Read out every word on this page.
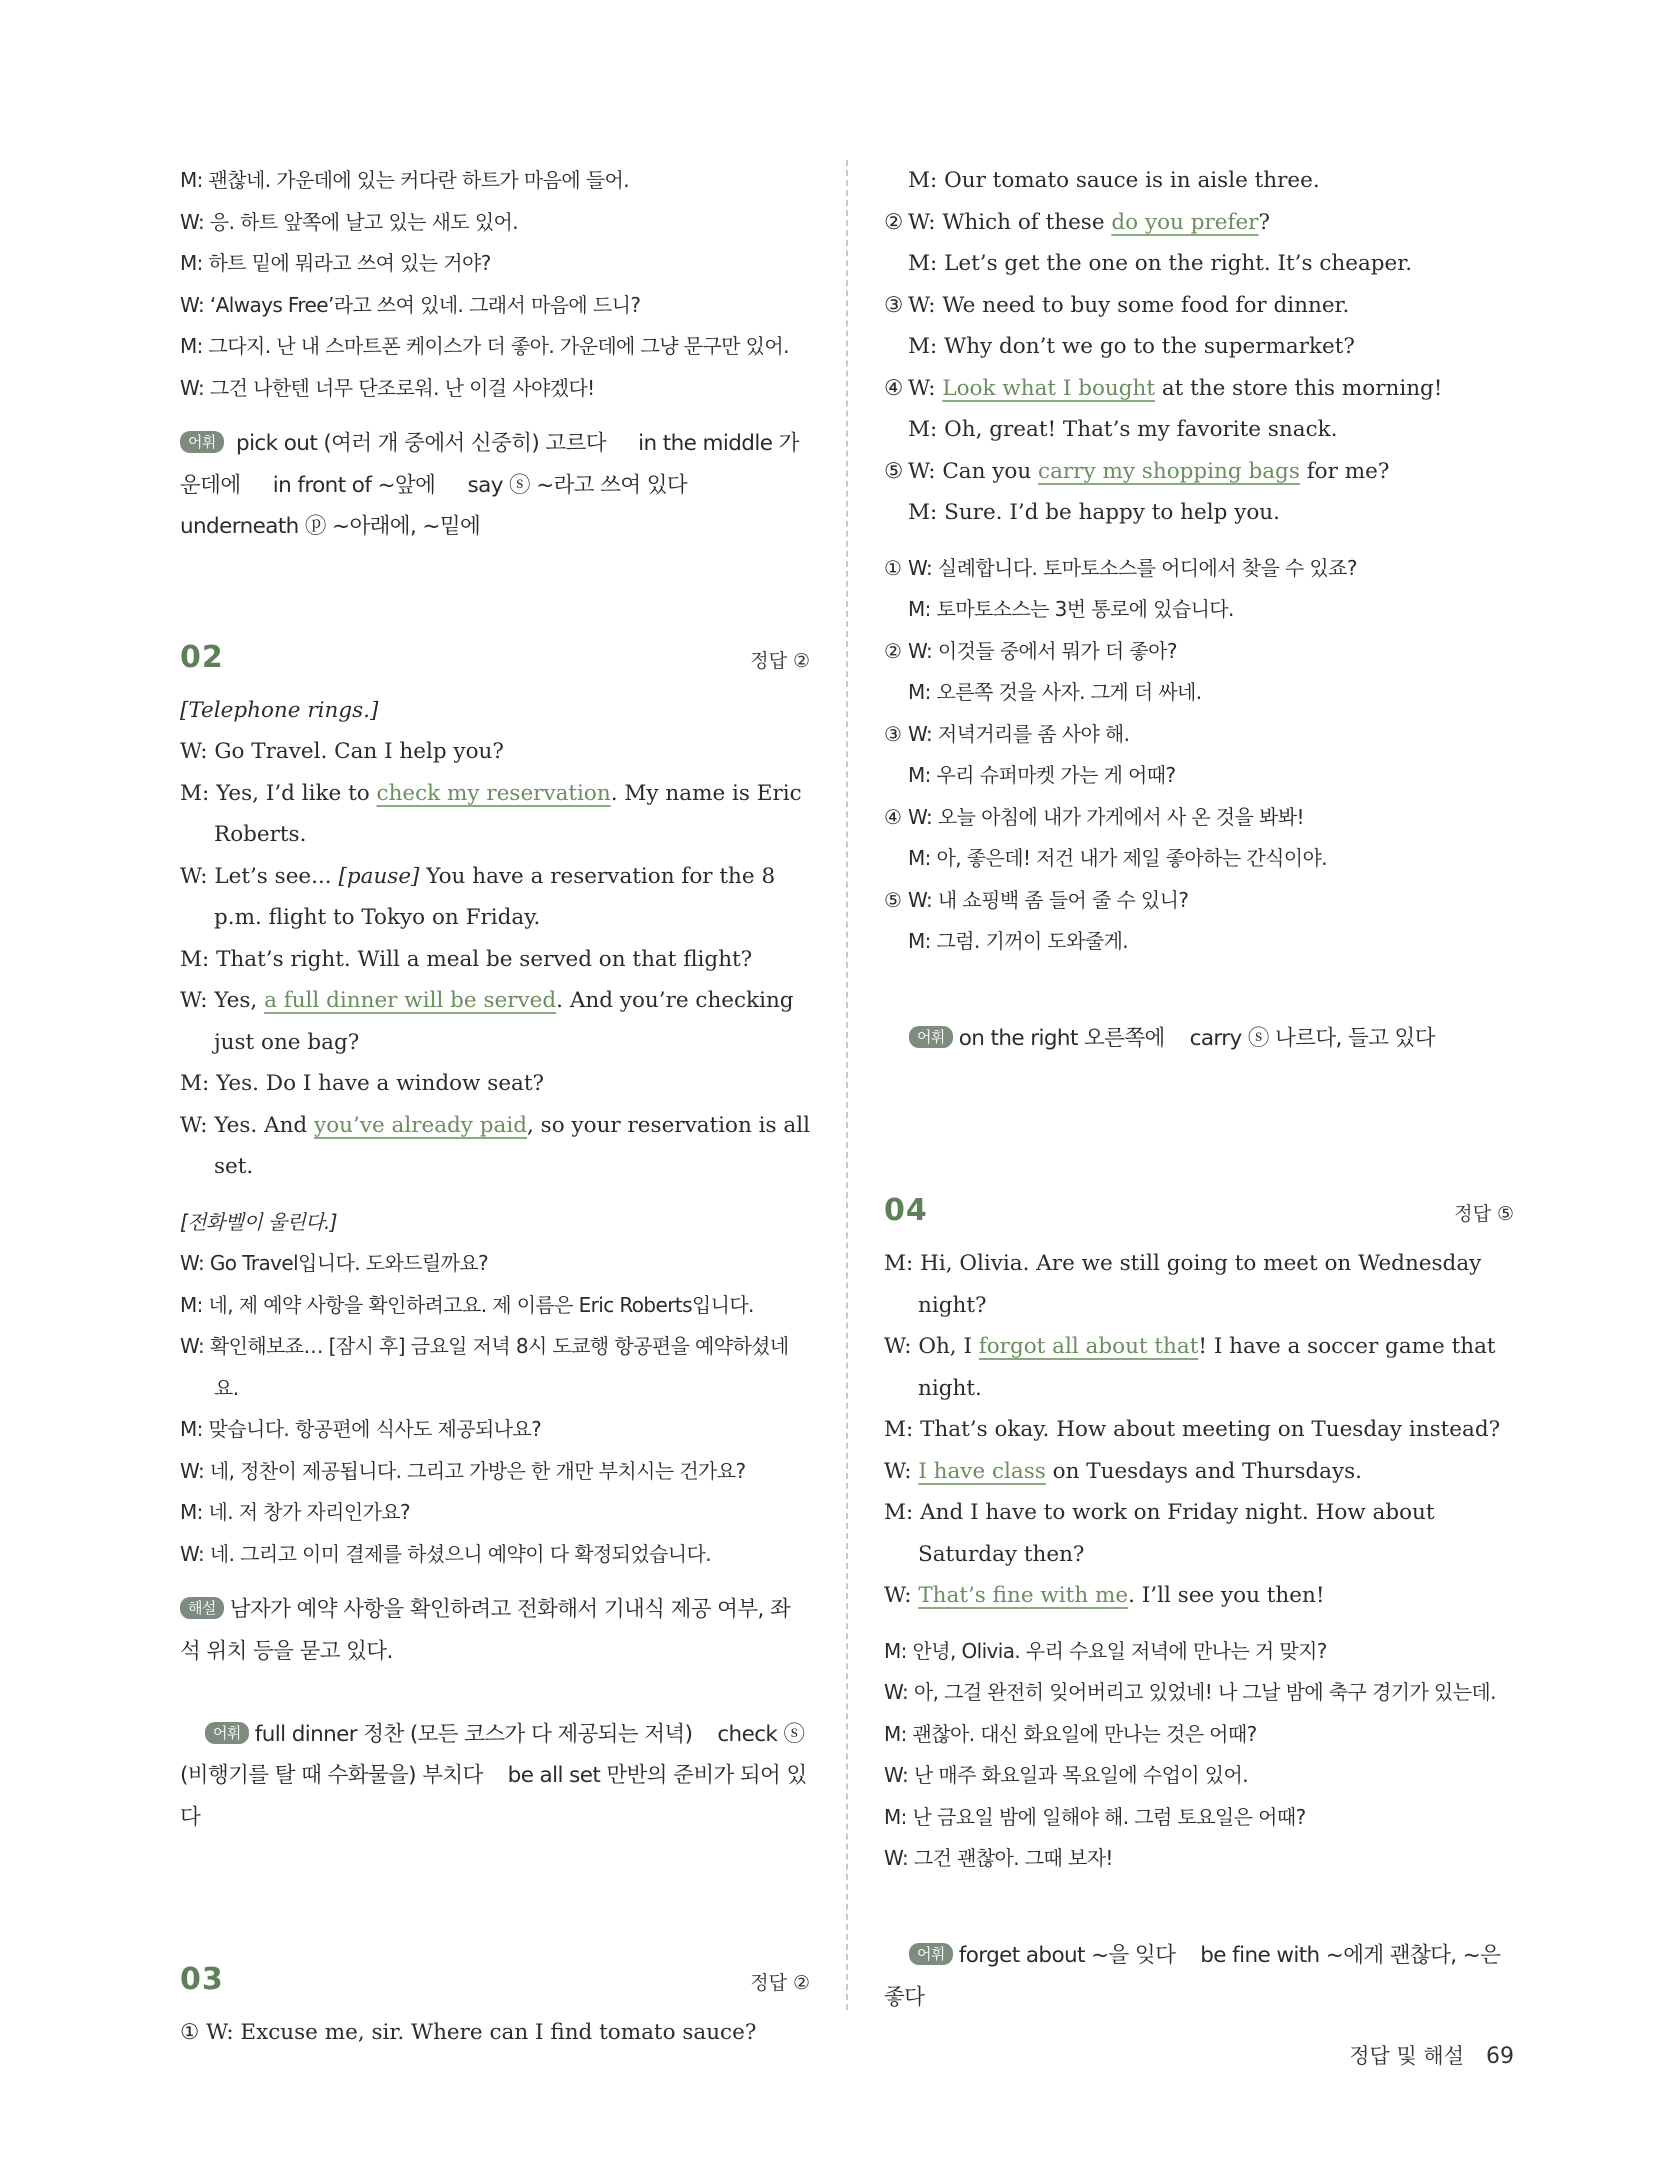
M: 괜찮네. 가운데에 있는 커다란 하트가 마음에 들어.
W: 응. 하트 앞쪽에 날고 있는 새도 있어.
M: 하트 밑에 뭐라고 쓰여 있는 거야?
W: ‘Always Free’라고 쓰여 있네. 그래서 마음에 드니?
M: 그다지. 난 내 스마트폰 케이스가 더 좋아. 가운데에 그냥 문구만 있어.
W: 그건 나한텐 너무 단조로워. 난 이걸 사야겠다!
어휘 pick out (여러 개 중에서 신중히) 고르다 in the middle 가운데에 in front of ~앞에 say ⓢ ~라고 쓰여 있다 underneath ⓟ ~아래에, ~밑에
02	정답 ②
[Telephone rings.]
W: Go Travel. Can I help you?
M: Yes, I’d like to check my reservation. My name is Eric Roberts.
W: Let’s see... [pause] You have a reservation for the 8 p.m. flight to Tokyo on Friday.
M: That’s right. Will a meal be served on that flight?
W: Yes, a full dinner will be served. And you’re checking just one bag?
M: Yes. Do I have a window seat?
W: Yes. And you’ve already paid, so your reservation is all set.
[전화벨이 울린다.]
W: Go Travel입니다. 도와드릴까요?
M: 네, 제 예약 사항을 확인하려고요. 제 이름은 Eric Roberts입니다.
W: 확인해보죠… [잠시 후] 금요일 저녁 8시 도쿄행 항공편을 예약하셨네요.
M: 맞습니다. 항공편에 식사도 제공되나요?
W: 네, 정찬이 제공됩니다. 그리고 가방은 한 개만 부치시는 건가요?
M: 네. 저 창가 자리인가요?
W: 네. 그리고 이미 결제를 하셨으니 예약이 다 확정되었습니다.
해설 남자가 예약 사항을 확인하려고 전화해서 기내식 제공 여부, 좌석 위치 등을 묻고 있다.

어휘 full dinner 정찬 (모든 코스가 다 제공되는 저녁)    check ⓢ (비행기를 탈 때 수화물을) 부치다    be all set 만반의 준비가 되어 있다

03	정답 ②
① W: Excuse me, sir. Where can I find tomato sauce?
M: Our tomato sauce is in aisle three.
②W: Which of these do you prefer?
M: Let’s get the one on the right. It’s cheaper.
③W: We need to buy some food for dinner.
M: Why don’t we go to the supermarket?
④W: Look what I bought at the store this morning!
M: Oh, great! That’s my favorite snack.
⑤W: Can you carry my shopping bags for me?
M: Sure. I’d be happy to help you.
① W: 실례합니다. 토마토소스를 어디에서 찾을 수 있죠?
M: 토마토소스는 3번 통로에 있습니다.
② W: 이것들 중에서 뭐가 더 좋아?
M: 오른쪽 것을 사자. 그게 더 싸네.
③ W: 저녁거리를 좀 사야 해.
M: 우리 슈퍼마켓 가는 게 어때?
④ W: 오늘 아침에 내가 가게에서 사 온 것을 봐봐!
M: 아, 좋은데! 저건 내가 제일 좋아하는 간식이야.
⑤ W: 내 쇼핑백 좀 들어 줄 수 있니?
M: 그럼. 기꺼이 도와줄게.

어휘 on the right 오른쪽에    carry ⓢ 나르다, 들고 있다

04	정답 ⑤
M: Hi, Olivia. Are we still going to meet on Wednesday night?
W: Oh, I forgot all about that! I have a soccer game that night.
M: That’s okay. How about meeting on Tuesday instead?
W: I have class on Tuesdays and Thursdays.
M: And I have to work on Friday night. How about Saturday then?
W: That’s fine with me. I’ll see you then!
M: 안녕, Olivia. 우리 수요일 저녁에 만나는 거 맞지?
W: 아, 그걸 완전히 잊어버리고 있었네! 나 그날 밤에 축구 경기가 있는데.
M: 괜찮아. 대신 화요일에 만나는 것은 어때?
W: 난 매주 화요일과 목요일에 수업이 있어.
M: 난 금요일 밤에 일해야 해. 그럼 토요일은 어때?
W: 그건 괜찮아. 그때 보자!

어휘 forget about ~을 잊다    be fine with ~에게 괜찮다, ~은 좋다

정답 및 해설 69
